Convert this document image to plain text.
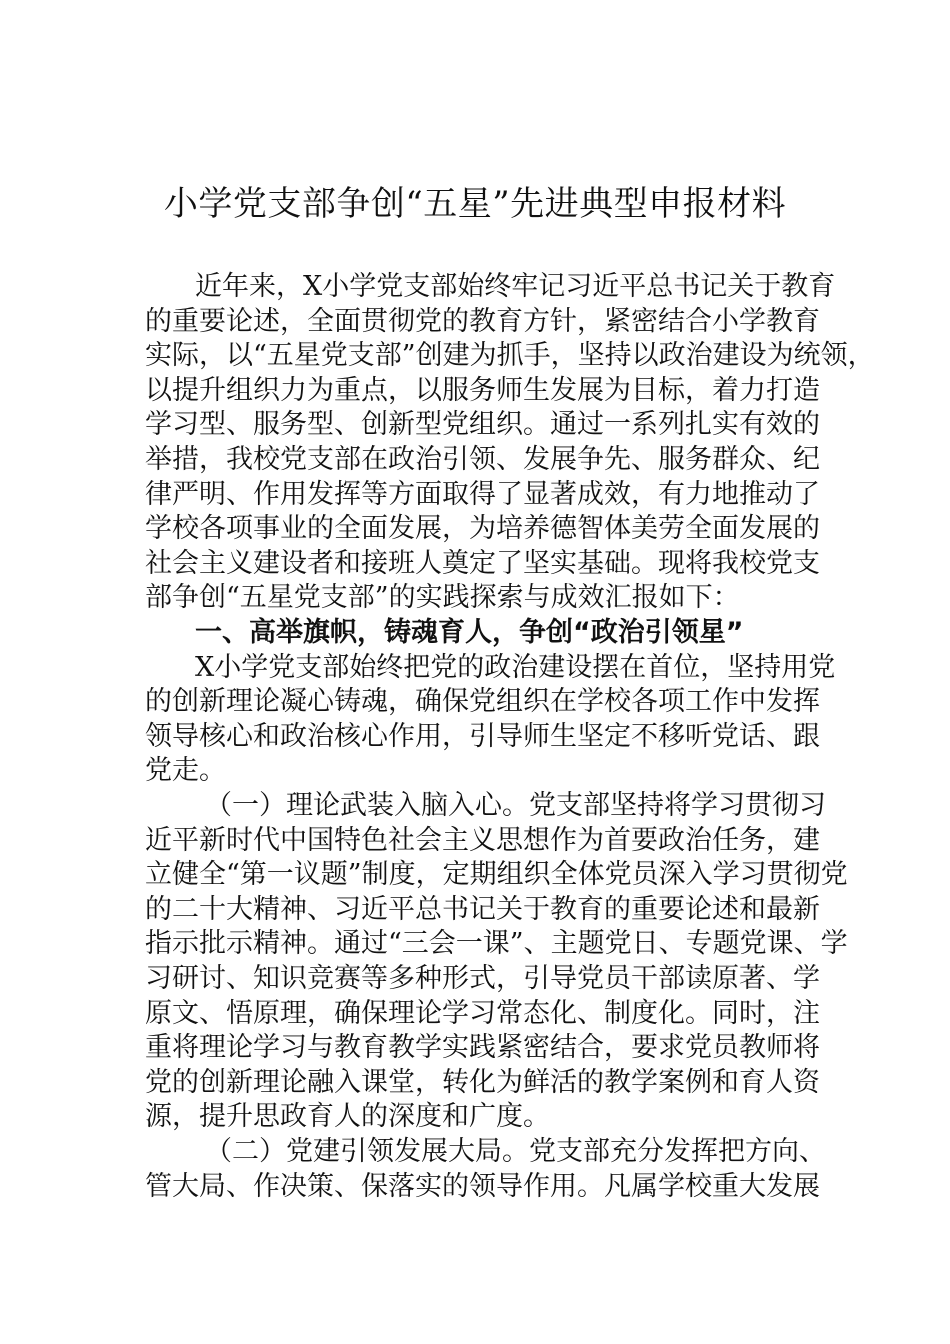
小学党支部争创“五星”先进典型申报材料
近年来，X小学党支部始终牢记习近平总书记关于教育
的重要论述，全面贯彻党的教育方针，紧密结合小学教育
实际，以“五星党支部”创建为抓手，坚持以政治建设为统领，
以提升组织力为重点，以服务师生发展为目标，着力打造
学习型、服务型、创新型党组织。通过一系列扎实有效的
举措，我校党支部在政治引领、发展争先、服务群众、纪
律严明、作用发挥等方面取得了显著成效，有力地推动了
学校各项事业的全面发展，为培养德智体美劳全面发展的
社会主义建设者和接班人奠定了坚实基础。现将我校党支
部争创“五星党支部”的实践探索与成效汇报如下：
一、高举旗帜，铸魂育人，争创“政治引领星”
X小学党支部始终把党的政治建设摆在首位，坚持用党
的创新理论凝心铸魂，确保党组织在学校各项工作中发挥
领导核心和政治核心作用，引导师生坚定不移听党话、跟
党走。
（一）理论武装入脑入心。党支部坚持将学习贯彻习
近平新时代中国特色社会主义思想作为首要政治任务，建
立健全“第一议题”制度，定期组织全体党员深入学习贯彻党
的二十大精神、习近平总书记关于教育的重要论述和最新
指示批示精神。通过“三会一课”、主题党日、专题党课、学
习研讨、知识竞赛等多种形式，引导党员干部读原著、学
原文、悟原理，确保理论学习常态化、制度化。同时，注
重将理论学习与教育教学实践紧密结合，要求党员教师将
党的创新理论融入课堂，转化为鲜活的教学案例和育人资
源，提升思政育人的深度和广度。
（二）党建引领发展大局。党支部充分发挥把方向、
管大局、作决策、保落实的领导作用。凡属学校重大发展
